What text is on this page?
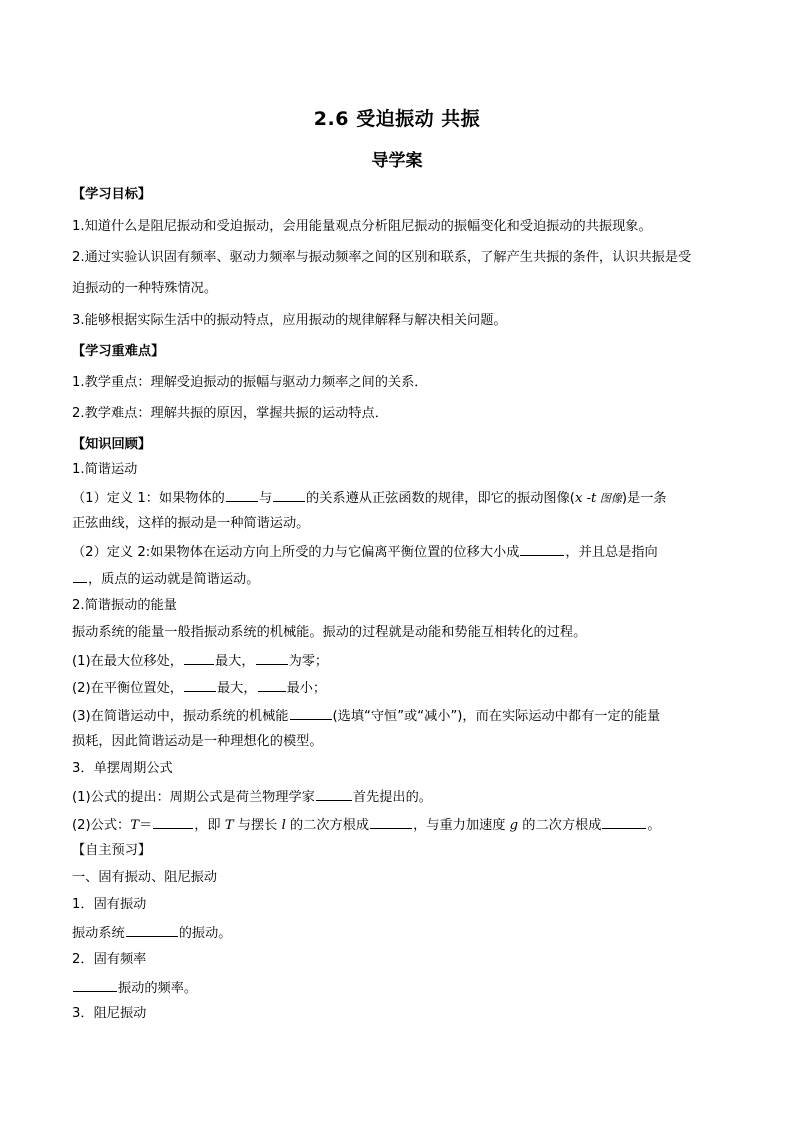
2.6 受迫振动 共振
导学案
【学习目标】
1.知道什么是阻尼振动和受迫振动，会用能量观点分析阻尼振动的振幅变化和受迫振动的共振现象。
2.通过实验认识固有频率、驱动力频率与振动频率之间的区别和联系，了解产生共振的条件，认识共振是受
迫振动的一种特殊情况。
3.能够根据实际生活中的振动特点，应用振动的规律解释与解决相关问题。
【学习重难点】
1.教学重点：理解受迫振动的振幅与驱动力频率之间的关系．
2.教学难点：理解共振的原因，掌握共振的运动特点．
【知识回顾】
1.简谐运动
（1）定义 1：如果物体的	与	的关系遵从正弦函数的规律，即它的振动图像(x -t 图像)是一条
正弦曲线，这样的振动是一种简谐运动。
（2）定义 2:如果物体在运动方向上所受的力与它偏离平衡位置的位移大小成	，并且总是指向
，质点的运动就是简谐运动。
2.简谐振动的能量
振动系统的能量一般指振动系统的机械能。振动的过程就是动能和势能互相转化的过程。
(1)在最大位移处， 最大，	为零；
(2)在平衡位置处，	最大， 最小；
(3)在简谐运动中，振动系统的机械能	(选填“守恒”或“减小”)，而在实际运动中都有一定的能量
损耗，因此简谐运动是一种理想化的模型。
3．单摆周期公式
(1)公式的提出：周期公式是荷兰物理学家	首先提出的。
(2)公式：T＝	，即 T 与摆长 l 的二次方根成	，与重力加速度 g 的二次方根成	。
【自主预习】
一、固有振动、阻尼振动
1．固有振动
振动系统	的振动。
2．固有频率
振动的频率。
3．阻尼振动
